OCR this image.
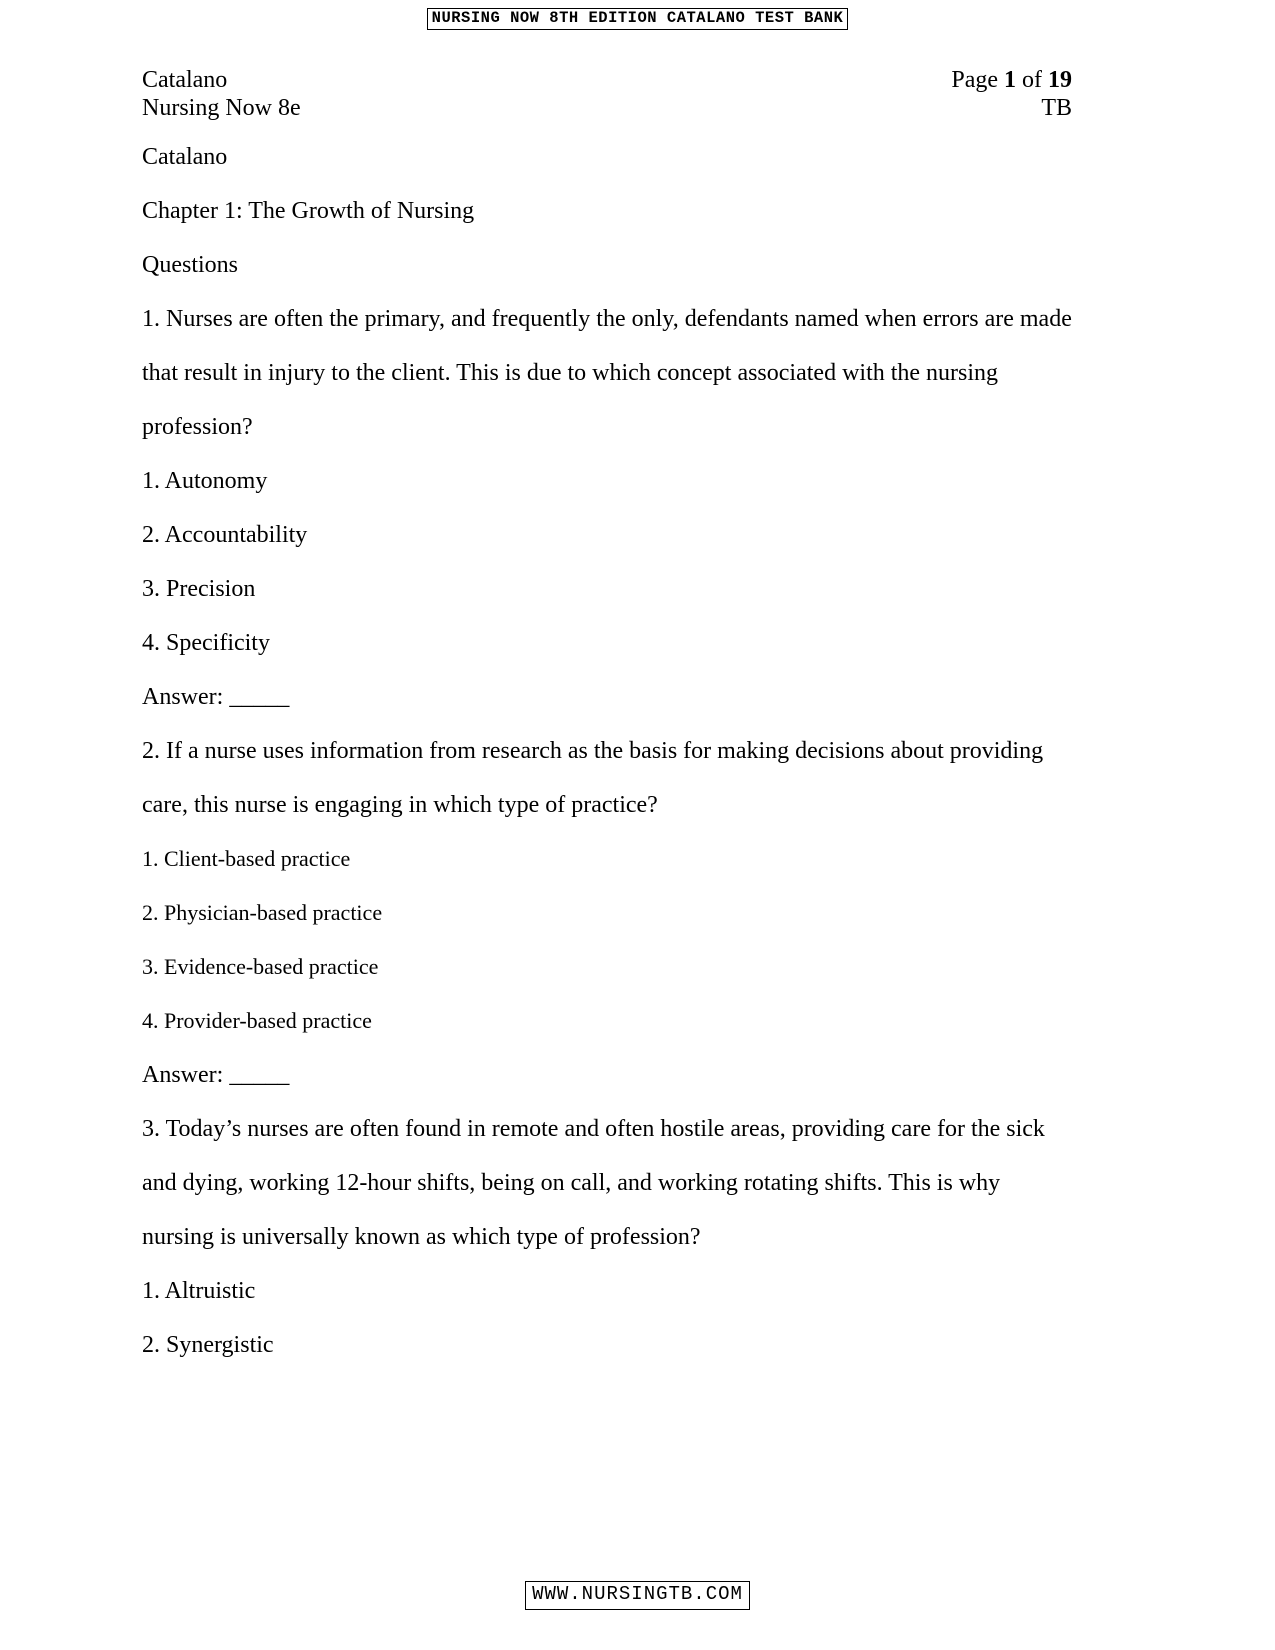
NURSING NOW 8TH EDITION CATALANO TEST BANK
Catalano	Page 1 of 19
Nursing Now 8e	TB

Catalano

Chapter 1: The Growth of Nursing

Questions

1. Nurses are often the primary, and frequently the only, defendants named when errors are made that result in injury to the client. This is due to which concept associated with the nursing profession?

1. Autonomy

2. Accountability

3. Precision

4. Specificity

Answer: _____

2. If a nurse uses information from research as the basis for making decisions about providing care, this nurse is engaging in which type of practice?

1. Client-based practice

2. Physician-based practice

3. Evidence-based practice

4. Provider-based practice

Answer: _____

3. Today’s nurses are often found in remote and often hostile areas, providing care for the sick and dying, working 12-hour shifts, being on call, and working rotating shifts. This is why nursing is universally known as which type of profession?

1. Altruistic

2. Synergistic

WWW.NURSINGTB.COM
